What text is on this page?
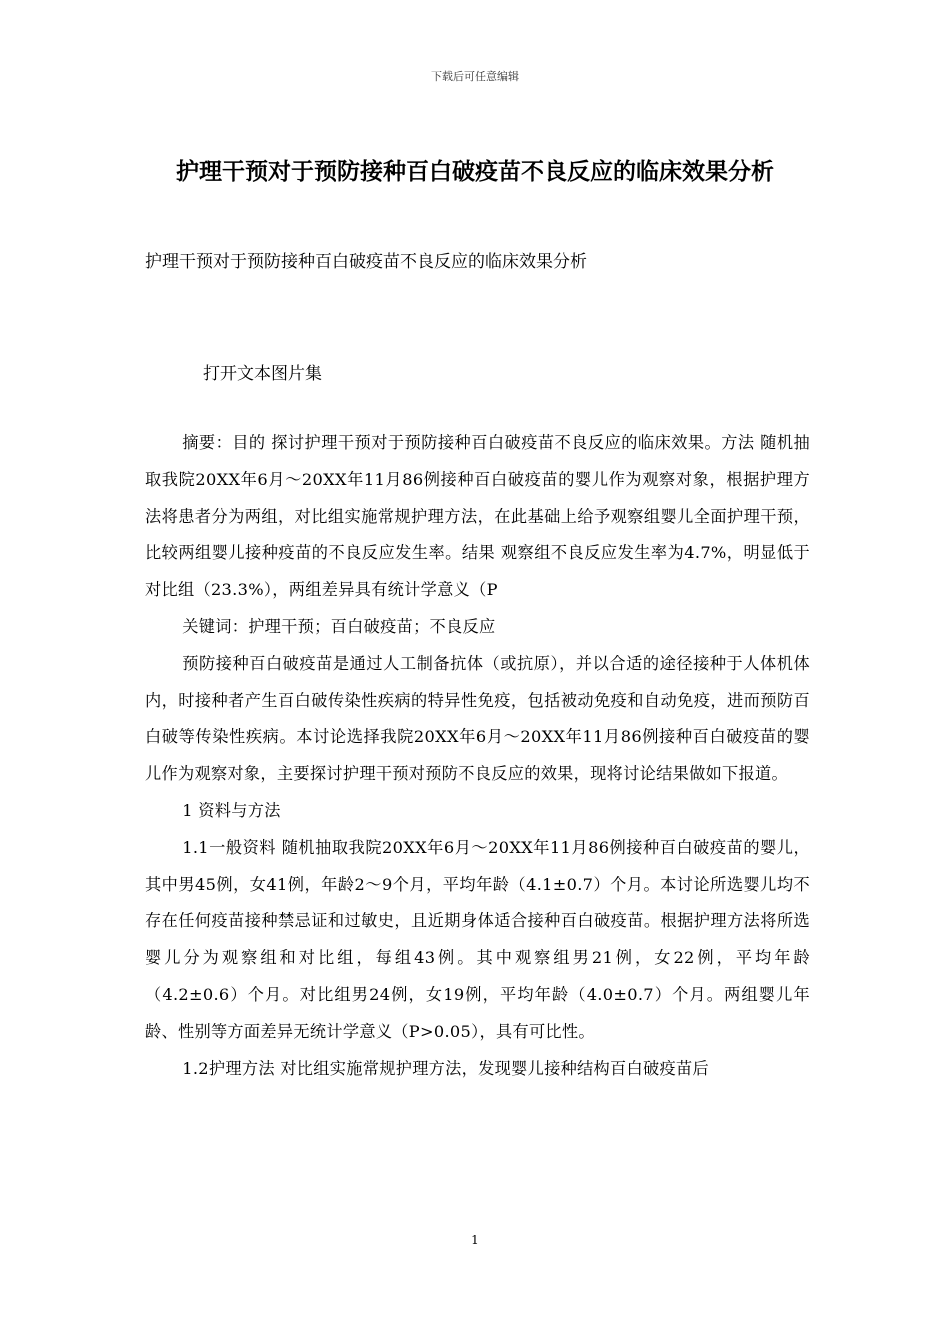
下载后可任意编辑
护理干预对于预防接种百白破疫苗不良反应的临床效果分析
护理干预对于预防接种百白破疫苗不良反应的临床效果分析
打开文本图片集

摘要：目的 探讨护理干预对于预防接种百白破疫苗不良反应的临床效果。方法 随机抽取我院20XX年6月～20XX年11月86例接种百白破疫苗的婴儿作为观察对象，根据护理方法将患者分为两组，对比组实施常规护理方法，在此基础上给予观察组婴儿全面护理干预，比较两组婴儿接种疫苗的不良反应发生率。结果 观察组不良反应发生率为4.7%，明显低于对比组（23.3%），两组差异具有统计学意义（P

关键词：护理干预；百白破疫苗；不良反应

预防接种百白破疫苗是通过人工制备抗体（或抗原），并以合适的途径接种于人体机体内，时接种者产生百白破传染性疾病的特异性免疫，包括被动免疫和自动免疫，进而预防百白破等传染性疾病。本讨论选择我院20XX年6月～20XX年11月86例接种百白破疫苗的婴儿作为观察对象，主要探讨护理干预对预防不良反应的效果，现将讨论结果做如下报道。

1 资料与方法

1.1一般资料 随机抽取我院20XX年6月～20XX年11月86例接种百白破疫苗的婴儿，其中男45例，女41例，年龄2～9个月，平均年龄（4.1±0.7）个月。本讨论所选婴儿均不存在任何疫苗接种禁忌证和过敏史，且近期身体适合接种百白破疫苗。根据护理方法将所选婴儿分为观察组和对比组，每组43例。其中观察组男21例，女22例，平均年龄（4.2±0.6）个月。对比组男24例，女19例，平均年龄（4.0±0.7）个月。两组婴儿年龄、性别等方面差异无统计学意义（P>0.05），具有可比性。

1.2护理方法 对比组实施常规护理方法，发现婴儿接种结构百白破疫苗后

1
